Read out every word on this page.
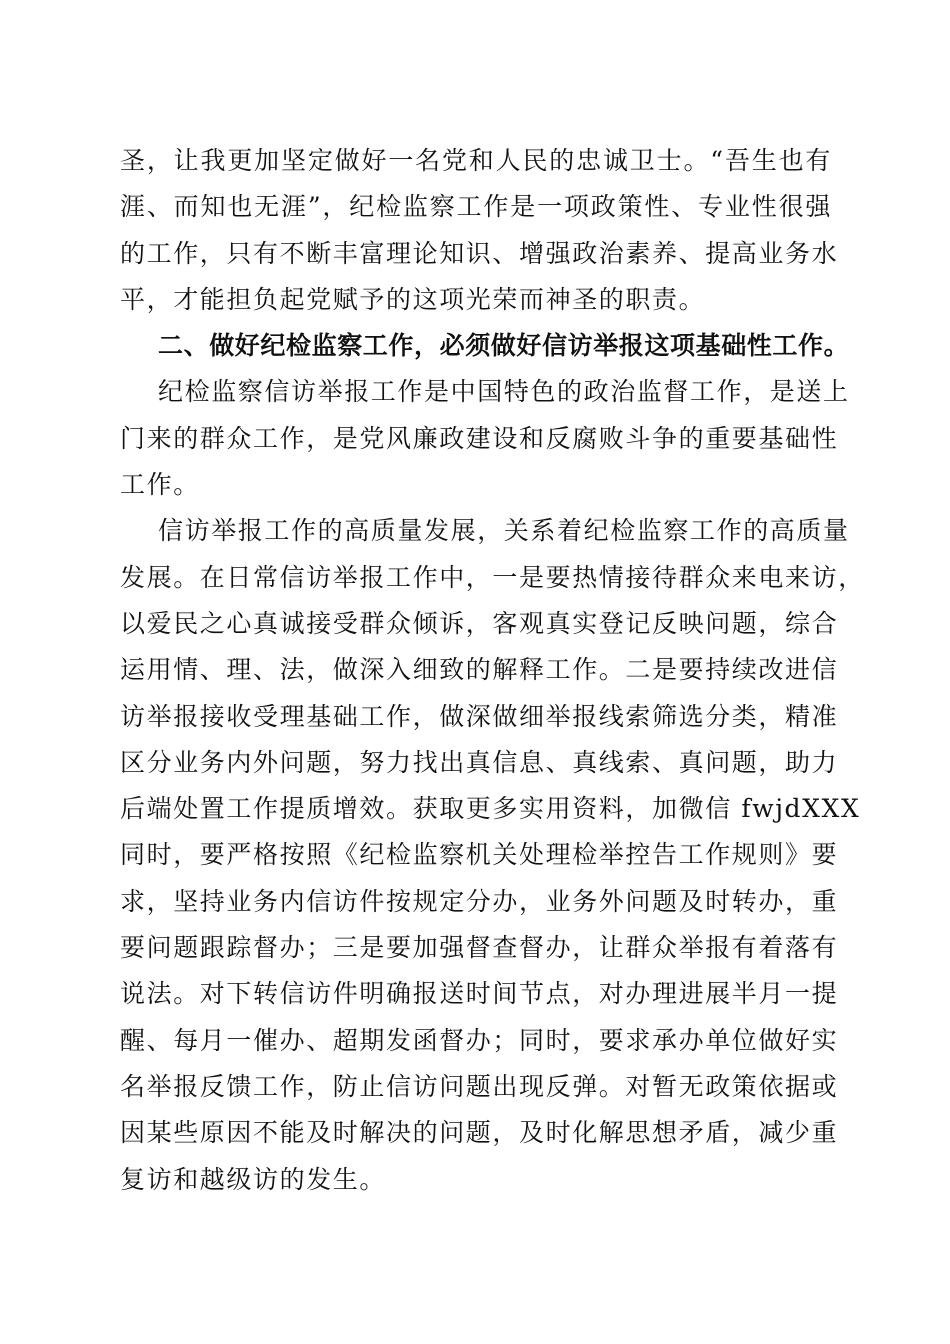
圣，让我更加坚定做好一名党和人民的忠诚卫士。“吾生也有
涯、而知也无涯”，纪检监察工作是一项政策性、专业性很强
的工作，只有不断丰富理论知识、增强政治素养、提高业务水
平，才能担负起党赋予的这项光荣而神圣的职责。
二、做好纪检监察工作，必须做好信访举报这项基础性工作。
纪检监察信访举报工作是中国特色的政治监督工作，是送上
门来的群众工作，是党风廉政建设和反腐败斗争的重要基础性
工作。
信访举报工作的高质量发展，关系着纪检监察工作的高质量
发展。在日常信访举报工作中，一是要热情接待群众来电来访，
以爱民之心真诚接受群众倾诉，客观真实登记反映问题，综合
运用情、理、法，做深入细致的解释工作。二是要持续改进信
访举报接收受理基础工作，做深做细举报线索筛选分类，精准
区分业务内外问题，努力找出真信息、真线索、真问题，助力
后端处置工作提质增效。获取更多实用资料，加微信 fwjdXXX
同时，要严格按照《纪检监察机关处理检举控告工作规则》要
求，坚持业务内信访件按规定分办，业务外问题及时转办，重
要问题跟踪督办；三是要加强督查督办，让群众举报有着落有
说法。对下转信访件明确报送时间节点，对办理进展半月一提
醒、每月一催办、超期发函督办；同时，要求承办单位做好实
名举报反馈工作，防止信访问题出现反弹。对暂无政策依据或
因某些原因不能及时解决的问题，及时化解思想矛盾，减少重
复访和越级访的发生。
